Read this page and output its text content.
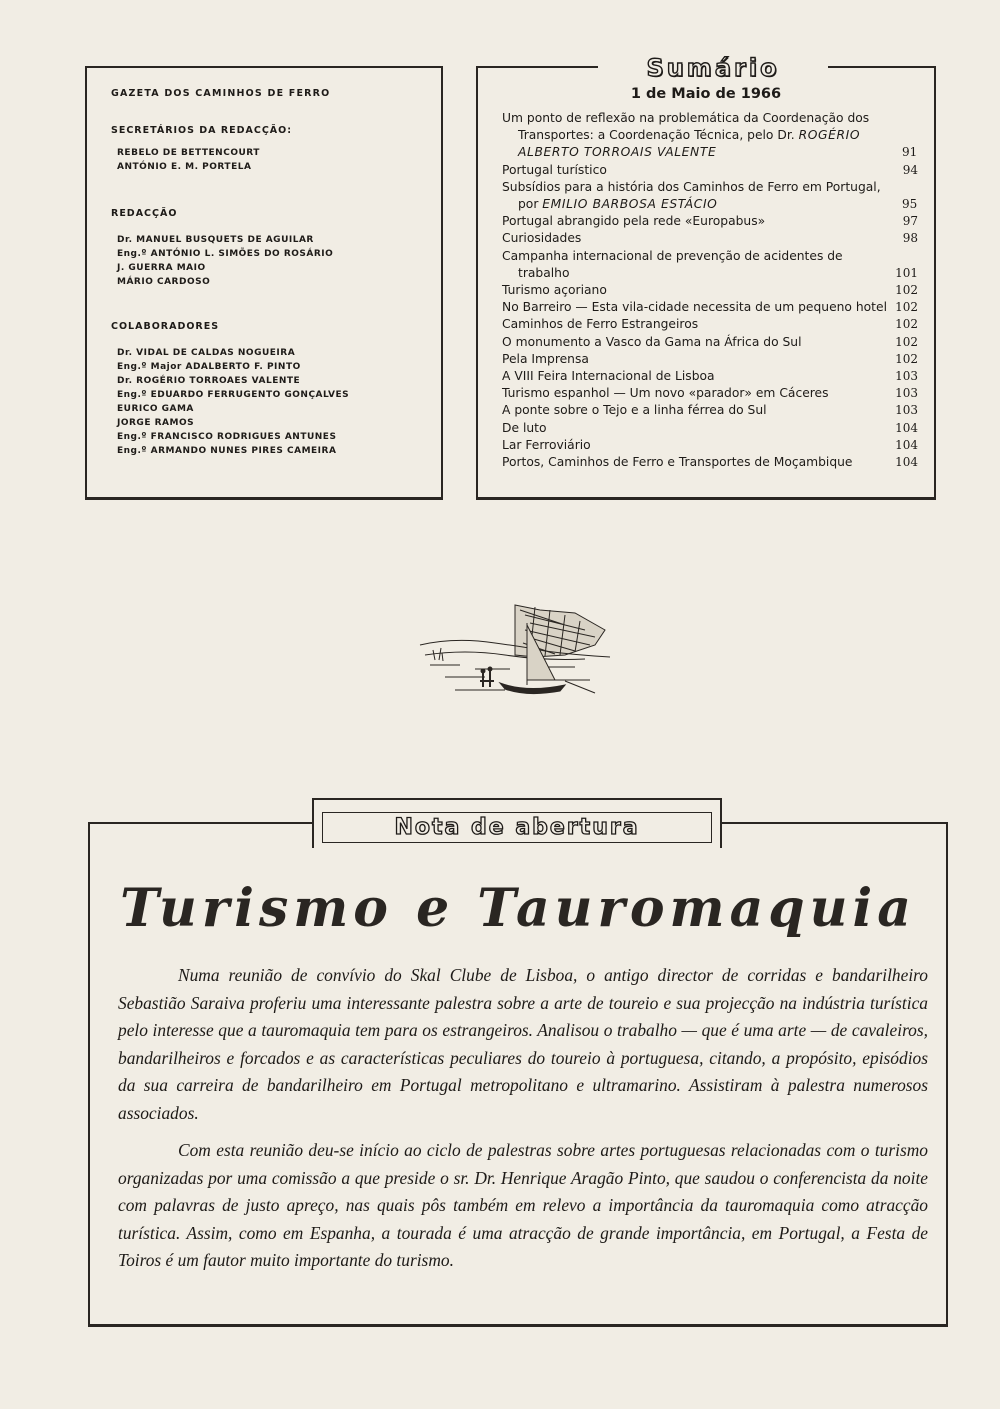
GAZETA DOS CAMINHOS DE FERRO
SECRETÁRIOS DA REDACÇÃO:
REBELO DE BETTENCOURT
ANTÓNIO E. M. PORTELA
REDACÇÃO
Dr. MANUEL BUSQUETS DE AGUILAR
Eng.º ANTÓNIO L. SIMÕES DO ROSÁRIO
J. GUERRA MAIO
MÁRIO CARDOSO
COLABORADORES
Dr. VIDAL DE CALDAS NOGUEIRA
Eng.º Major ADALBERTO F. PINTO
Dr. ROGÉRIO TORROAES VALENTE
Eng.º EDUARDO FERRUGENTO GONÇALVES
EURICO GAMA
JORGE RAMOS
Eng.º FRANCISCO RODRIGUES ANTUNES
Eng.º ARMANDO NUNES PIRES CAMEIRA
Sumário
1 de Maio de 1966
Um ponto de reflexão na problemática da Coordenação dos Transportes: a Coordenação Técnica, pelo Dr. ROGÉRIO ALBERTO TORROAIS VALENTE	91
Portugal turístico	94
Subsídios para a história dos Caminhos de Ferro em Portugal, por EMILIO BARBOSA ESTÁCIO	95
Portugal abrangido pela rede «Europabus»	97
Curiosidades	98
Campanha internacional de prevenção de acidentes de trabalho	101
Turismo açoriano	102
No Barreiro — Esta vila-cidade necessita de um pequeno hotel 102
Caminhos de Ferro Estrangeiros	102
O monumento a Vasco da Gama na África do Sul	102
Pela Imprensa	102
A VIII Feira Internacional de Lisboa	103
Turismo espanhol — Um novo «parador» em Cáceres	103
A ponte sobre o Tejo e a linha férrea do Sul	103
De luto	104
Lar Ferroviário	104
Portos, Caminhos de Ferro e Transportes de Moçambique	104
Nota de abertura
Turismo e Tauromaquia

Numa reunião de convívio do Skal Clube de Lisboa, o antigo director de corridas e bandarilheiro Sebastião Saraiva proferiu uma interessante palestra sobre a arte de toureio e sua projecção na indústria turística pelo interesse que a tauromaquia tem para os estrangeiros. Analisou o trabalho — que é uma arte — de cavaleiros, bandarilheiros e forcados e as características peculiares do toureio à portuguesa, citando, a propósito, episódios da sua carreira de bandarilheiro em Portugal metropolitano e ultramarino. Assistiram à palestra numerosos associados.

Com esta reunião deu-se início ao ciclo de palestras sobre artes portuguesas relacionadas com o turismo organizadas por uma comissão a que preside o sr. Dr. Henrique Aragão Pinto, que saudou o conferencista da noite com palavras de justo apreço, nas quais pôs também em relevo a importância da tauromaquia como atracção turística. Assim, como em Espanha, a tourada é uma atracção de grande importância, em Portugal, a Festa de Toiros é um fautor muito importante do turismo.
